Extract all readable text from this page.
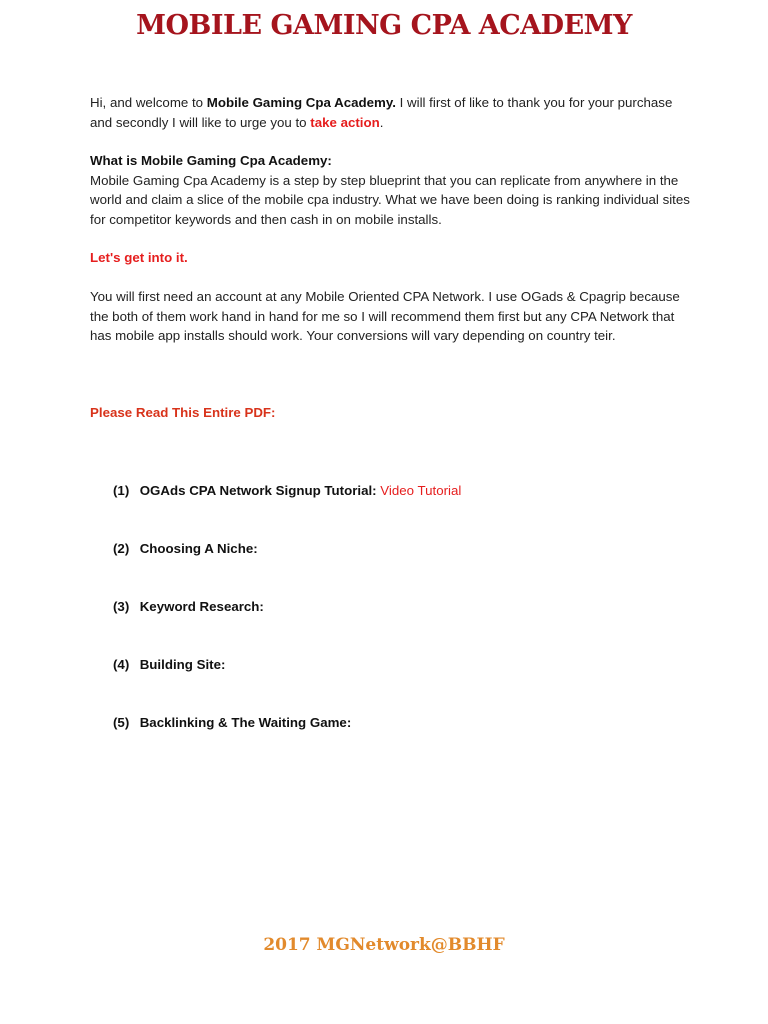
MOBILE GAMING CPA ACADEMY
Hi, and welcome to Mobile Gaming Cpa Academy. I will first of like to thank you for your purchase and secondly I will like to urge you to take action.
What is Mobile Gaming Cpa Academy:
Mobile Gaming Cpa Academy is a step by step blueprint that you can replicate from anywhere in the world and claim a slice of the mobile cpa industry. What we have been doing is ranking individual sites for competitor keywords and then cash in on mobile installs.
Let's get into it.
You will first need an account at any Mobile Oriented CPA Network. I use OGads & Cpagrip because the both of them work hand in hand for me so I will recommend them first but any CPA Network that has mobile app installs should work. Your conversions will vary depending on country teir.
Please Read This Entire PDF:
(1) OGAds CPA Network Signup Tutorial: Video Tutorial
(2) Choosing A Niche:
(3) Keyword Research:
(4) Building Site:
(5) Backlinking & The Waiting Game:
2017 MGNetwork@BBHF
